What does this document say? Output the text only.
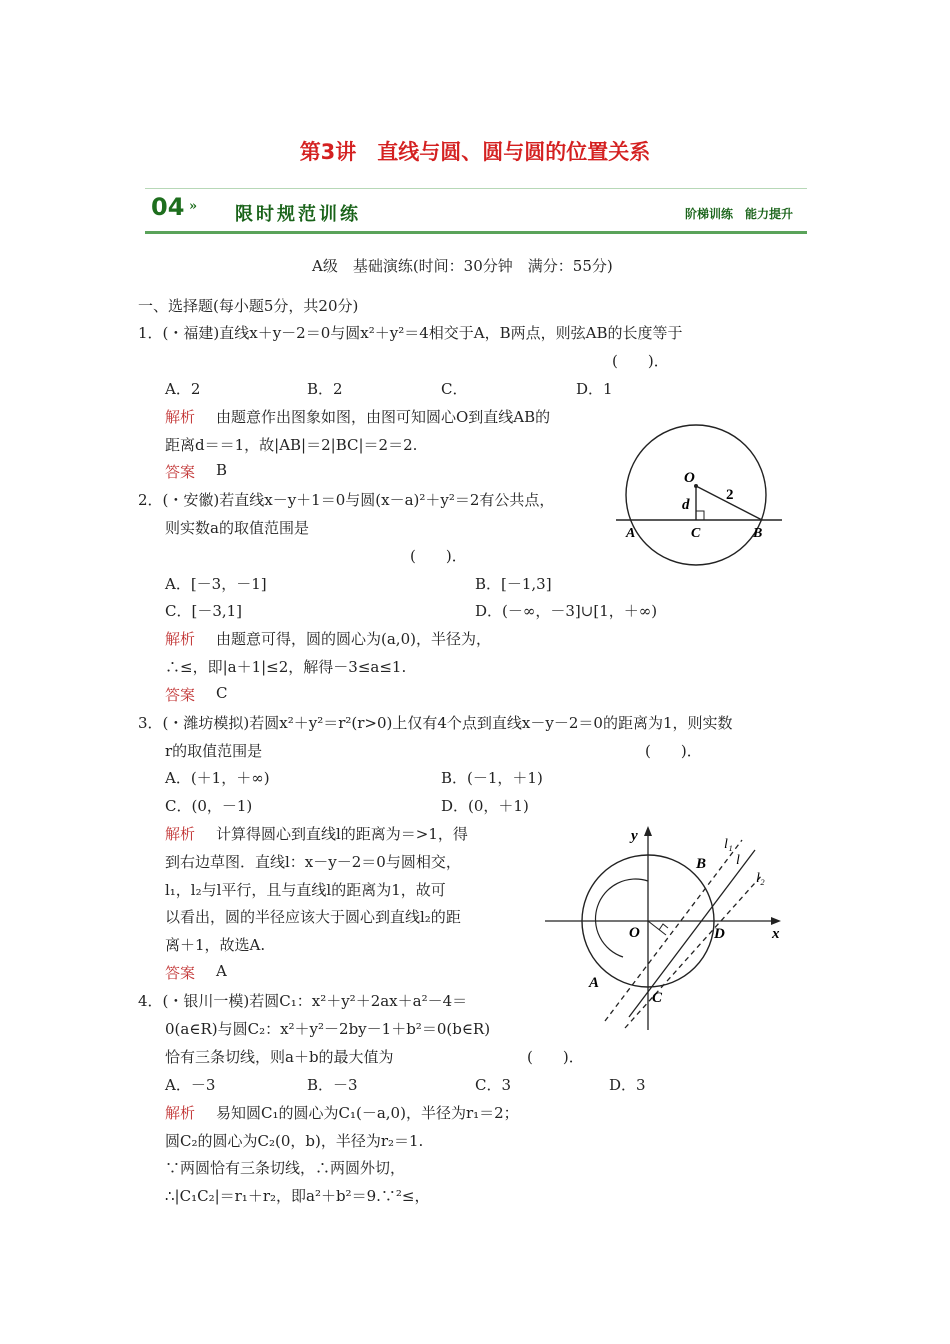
第3讲　直线与圆、圆与圆的位置关系
04 » 限时规范训练	阶梯训练　能力提升
A级　基础演练(时间：30分钟　满分：55分)
一、选择题(每小题5分，共20分)
1．(・福建)直线x＋y－2＝0与圆x²＋y²＝4相交于A，B两点，则弦AB的长度等于
(　　)．
A．2	B．2	C．	D．1
解析 由题意作出图象如图，由图可知圆心O到直线AB的
距离d＝＝1，故|AB|＝2|BC|＝2＝2.
答案 B	O
d
2
A	C	B
2．(・安徽)若直线x－y＋1＝0与圆(x－a)²＋y²＝2有公共点，
则实数a的取值范围是
(　　)．
A．[－3，－1]	B．[－1,3]
C．[－3,1]	D．(－∞，－3]∪[1，＋∞)
解析 由题意可得，圆的圆心为(a,0)，半径为，
∴≤，即|a＋1|≤2，解得－3≤a≤1.
答案 C
3．(・潍坊模拟)若圆x²＋y²＝r²(r>0)上仅有4个点到直线x－y－2＝0的距离为1，则实数
r的取值范围是	(　　)．
A．(＋1，＋∞)	B．(－1，＋1)
C．(0，－1)	D．(0，＋1)
解析 计算得圆心到直线l的距离为＝>1，得
到右边草图．直线l：x－y－2＝0与圆相交，
l₁，l₂与l平行，且与直线l的距离为1，故可
以看出，圆的半径应该大于圆心到直线l₂的距
离＋1，故选A.
答案 A
y
x
O	D
B
A
C
l₁
l
l₂
4．(・银川一模)若圆C₁：x²＋y²＋2ax＋a²－4＝
0(a∈R)与圆C₂：x²＋y²－2by－1＋b²＝0(b∈R)
恰有三条切线，则a＋b的最大值为	(　　)．
A．－3	B．－3	C．3	D．3
解析 易知圆C₁的圆心为C₁(－a,0)，半径为r₁＝2；
圆C₂的圆心为C₂(0，b)，半径为r₂＝1.
∵两圆恰有三条切线，∴两圆外切，
∴|C₁C₂|＝r₁＋r₂，即a²＋b²＝9.∵²≤，
